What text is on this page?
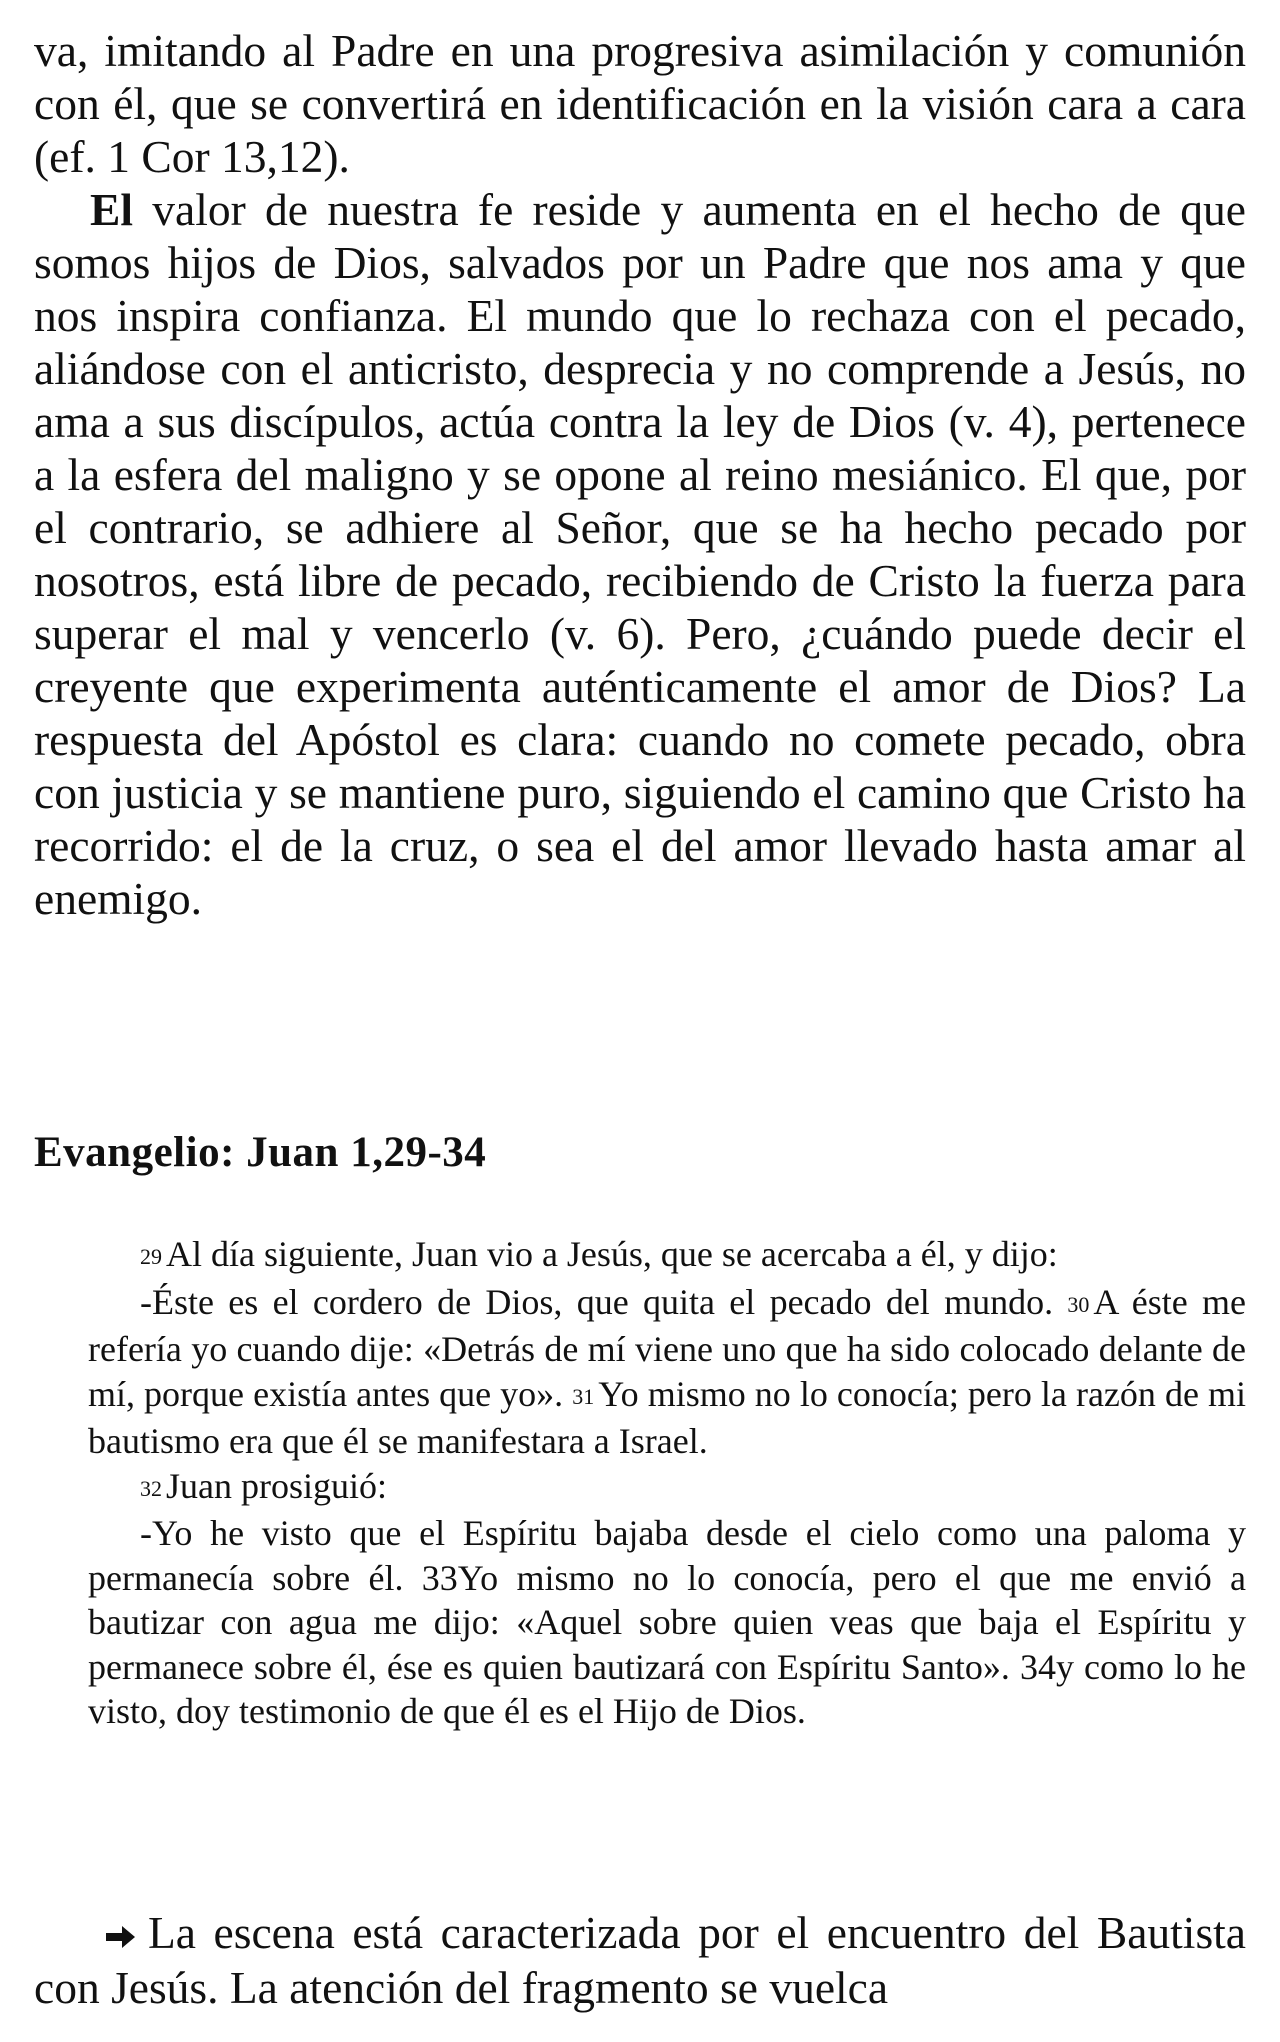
va, imitando al Padre en una progresiva asimilación y comunión con él, que se convertirá en identificación en la visión cara a cara (ef. 1 Cor 13,12).

El valor de nuestra fe reside y aumenta en el hecho de que somos hijos de Dios, salvados por un Padre que nos ama y que nos inspira confianza. El mundo que lo rechaza con el pecado, aliándose con el anticristo, desprecia y no comprende a Jesús, no ama a sus discípulos, actúa contra la ley de Dios (v. 4), pertenece a la esfera del maligno y se opone al reino mesiánico. El que, por el contrario, se adhiere al Señor, que se ha hecho pecado por nosotros, está libre de pecado, recibiendo de Cristo la fuerza para superar el mal y vencerlo (v. 6). Pero, ¿cuándo puede decir el creyente que experimenta auténticamente el amor de Dios? La respuesta del Apóstol es clara: cuando no comete pecado, obra con justicia y se mantiene puro, siguiendo el camino que Cristo ha recorrido: el de la cruz, o sea el del amor llevado hasta amar al enemigo.

Evangelio: Juan 1,29-34

29 Al día siguiente, Juan vio a Jesús, que se acercaba a él, y dijo:

-Éste es el cordero de Dios, que quita el pecado del mundo. 30 A éste me refería yo cuando dije: «Detrás de mí viene uno que ha sido colocado delante de mí, porque existía antes que yo». 31 Yo mismo no lo conocía; pero la razón de mi bautismo era que él se manifestara a Israel.

32 Juan prosiguió:

-Yo he visto que el Espíritu bajaba desde el cielo como una paloma y permanecía sobre él. 33Yo mismo no lo conocía, pero el que me envió a bautizar con agua me dijo: «Aquel sobre quien veas que baja el Espíritu y permanece sobre él, ése es quien bautizará con Espíritu Santo». 34y como lo he visto, doy testimonio de que él es el Hijo de Dios.

La escena está caracterizada por el encuentro del Bautista con Jesús. La atención del fragmento se vuelca
